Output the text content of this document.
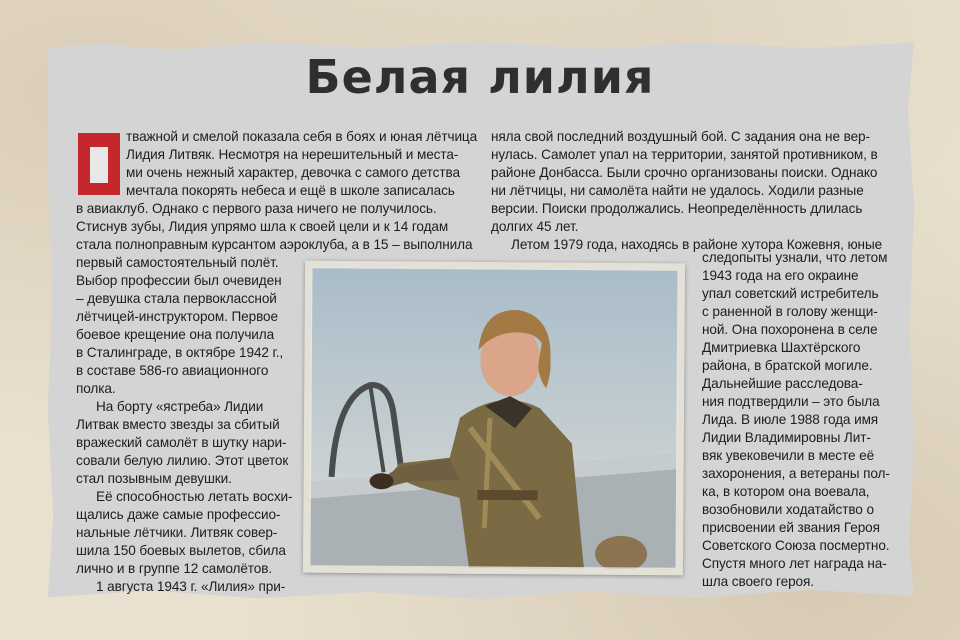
Белая лилия
тважной и смелой показала себя в боях и юная лётчица
Лидия Литвяк. Несмотря на нерешительный и места-
ми очень нежный характер, девочка с самого детства
мечтала покорять небеса и ещё в школе записалась
в авиаклуб. Однако с первого раза ничего не получилось.
Стиснув зубы, Лидия упрямо шла к своей цели и к 14 годам
стала полноправным курсантом аэроклуба, а в 15 – выполнила
первый самостоятельный полёт.
Выбор профессии был очевиден
– девушка стала первоклассной
лётчицей-инструктором. Первое
боевое крещение она получила
в Сталинграде, в октябре 1942 г.,
в составе 586-го авиационного
полка.
На борту «ястреба» Лидии
Литвак вместо звезды за сбитый
вражеский самолёт в шутку нари-
совали белую лилию. Этот цветок
стал позывным девушки.
Её способностью летать восхи-
щались даже самые профессио-
нальные лётчики. Литвяк совер-
шила 150 боевых вылетов, сбила
лично и в группе 12 самолётов.
1 августа 1943 г. «Лилия» при-
няла свой последний воздушный бой. С задания она не вер-
нулась. Самолет упал на территории, занятой противником, в
районе Донбасса. Были срочно организованы поиски. Однако
ни лётчицы, ни самолёта найти не удалось. Ходили разные
версии. Поиски продолжались. Неопределённость длилась
долгих 45 лет.
Летом 1979 года, находясь в районе хутора Кожевня, юные
следопыты узнали, что летом
1943 года на его окраине
упал советский истребитель
с раненной в голову женщи-
ной. Она похоронена в селе
Дмитриевка Шахтёрского
района, в братской могиле.
Дальнейшие расследова-
ния подтвердили – это была
Лида. В июле 1988 года имя
Лидии Владимировны Лит-
вяк увековечили в месте её
захоронения, а ветераны пол-
ка, в котором она воевала,
возобновили ходатайство о
присвоении ей звания Героя
Советского Союза посмертно.
Спустя много лет награда на-
шла своего героя.
